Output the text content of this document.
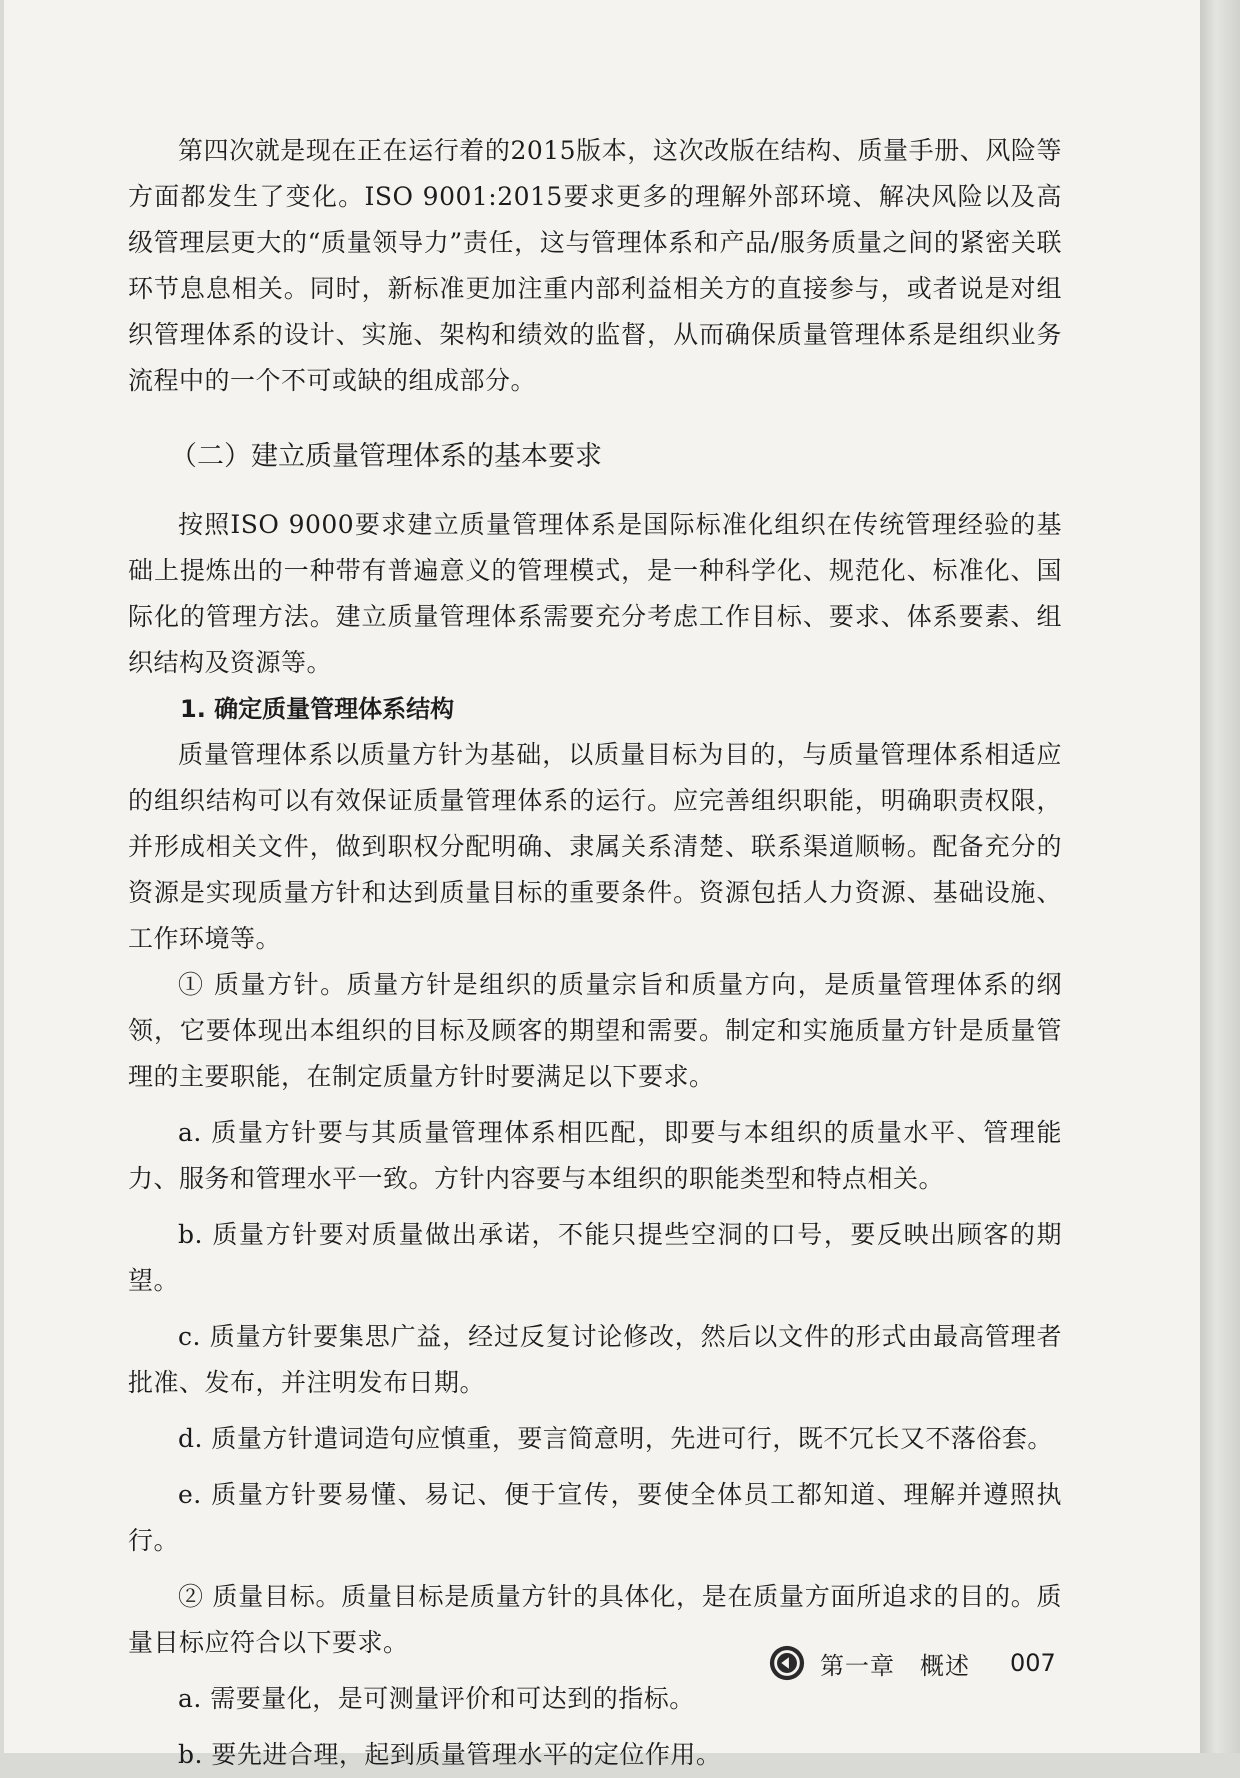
第四次就是现在正在运行着的2015版本，这次改版在结构、质量手册、风险等方面都发生了变化。ISO 9001:2015要求更多的理解外部环境、解决风险以及高级管理层更大的“质量领导力”责任，这与管理体系和产品/服务质量之间的紧密关联环节息息相关。同时，新标准更加注重内部利益相关方的直接参与，或者说是对组织管理体系的设计、实施、架构和绩效的监督，从而确保质量管理体系是组织业务流程中的一个不可或缺的组成部分。

（二）建立质量管理体系的基本要求

按照ISO 9000要求建立质量管理体系是国际标准化组织在传统管理经验的基础上提炼出的一种带有普遍意义的管理模式，是一种科学化、规范化、标准化、国际化的管理方法。建立质量管理体系需要充分考虑工作目标、要求、体系要素、组织结构及资源等。

1. 确定质量管理体系结构

质量管理体系以质量方针为基础，以质量目标为目的，与质量管理体系相适应的组织结构可以有效保证质量管理体系的运行。应完善组织职能，明确职责权限，并形成相关文件，做到职权分配明确、隶属关系清楚、联系渠道顺畅。配备充分的资源是实现质量方针和达到质量目标的重要条件。资源包括人力资源、基础设施、工作环境等。

① 质量方针。质量方针是组织的质量宗旨和质量方向，是质量管理体系的纲领，它要体现出本组织的目标及顾客的期望和需要。制定和实施质量方针是质量管理的主要职能，在制定质量方针时要满足以下要求。

a. 质量方针要与其质量管理体系相匹配，即要与本组织的质量水平、管理能力、服务和管理水平一致。方针内容要与本组织的职能类型和特点相关。

b. 质量方针要对质量做出承诺，不能只提些空洞的口号，要反映出顾客的期望。

c. 质量方针要集思广益，经过反复讨论修改，然后以文件的形式由最高管理者批准、发布，并注明发布日期。

d. 质量方针遣词造句应慎重，要言简意明，先进可行，既不冗长又不落俗套。

e. 质量方针要易懂、易记、便于宣传，要使全体员工都知道、理解并遵照执行。

② 质量目标。质量目标是质量方针的具体化，是在质量方面所追求的目的。质量目标应符合以下要求。

a. 需要量化，是可测量评价和可达到的指标。

b. 要先进合理，起到质量管理水平的定位作用。

第一章　概述 007
